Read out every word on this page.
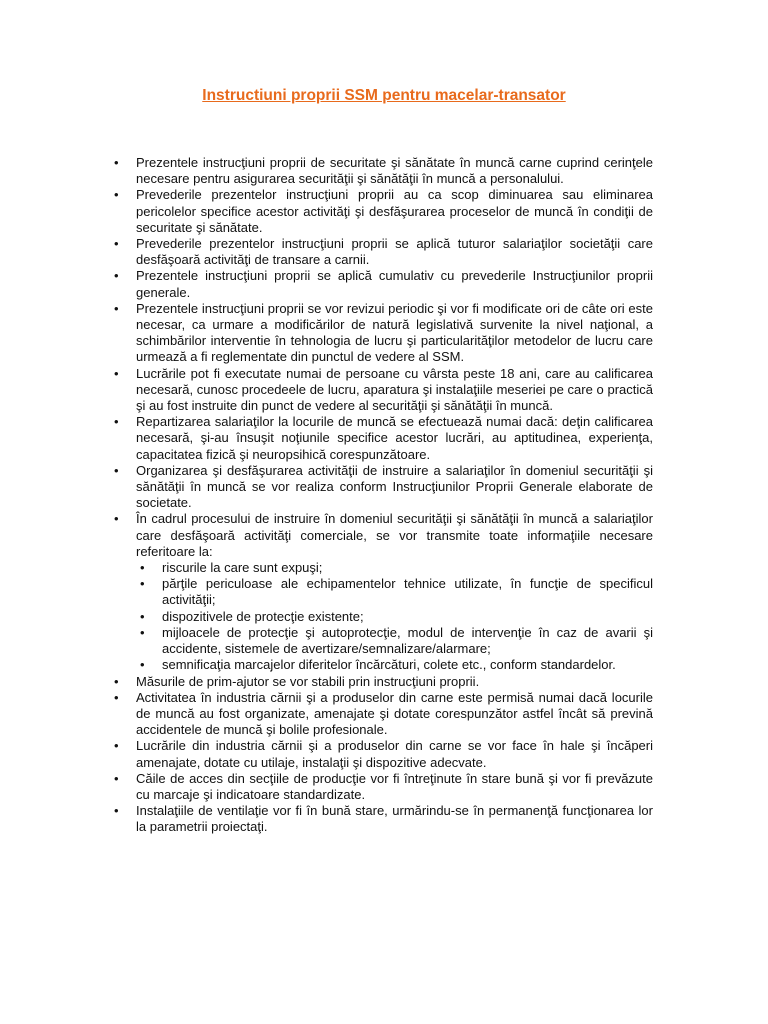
Instructiuni proprii SSM pentru macelar-transator
• Prezentele instrucţiuni proprii de securitate şi sănătate în muncă carne cuprind cerinţele necesare pentru asigurarea securităţii şi sănătăţii în muncă a personalului.
• Prevederile prezentelor instrucţiuni proprii au ca scop diminuarea sau eliminarea pericolelor specifice acestor activităţi şi desfăşurarea proceselor de muncă în condiţii de securitate şi sănătate.
• Prevederile prezentelor instrucţiuni proprii se aplică tuturor salariaţilor societăţii care desfăşoară activităţi de transare a carnii.
• Prezentele instrucţiuni proprii se aplică cumulativ cu prevederile Instrucţiunilor proprii generale.
• Prezentele instrucţiuni proprii se vor revizui periodic şi vor fi modificate ori de câte ori este necesar, ca urmare a modificărilor de natură legislativă survenite la nivel naţional, a schimbărilor interventie în tehnologia de lucru şi particularităţilor metodelor de lucru care urmează a fi reglementate din punctul de vedere al SSM.
• Lucrările pot fi executate numai de persoane cu vârsta peste 18 ani, care au calificarea necesară, cunosc procedeele de lucru, aparatura şi instalaţiile meseriei pe care o practică şi au fost instruite din punct de vedere al securităţii şi sănătăţii în muncă.
• Repartizarea salariaţilor la locurile de muncă se efectuează numai dacă: deţin calificarea necesară, şi-au însuşit noţiunile specifice acestor lucrări, au aptitudinea, experienţa, capacitatea fizică şi neuropsihică corespunzătoare.
• Organizarea şi desfăşurarea activităţii de instruire a salariaţilor în domeniul securităţii şi sănătăţii în muncă se vor realiza conform Instrucţiunilor Proprii Generale elaborate de societate.
• În cadrul procesului de instruire în domeniul securităţii şi sănătăţii în muncă a salariaţilor care desfăşoară activităţi comerciale, se vor transmite toate informaţiile necesare referitoare la:
• riscurile la care sunt expuşi;
• părţile periculoase ale echipamentelor tehnice utilizate, în funcţie de specificul activităţii;
• dispozitivele de protecţie existente;
• mijloacele de protecţie şi autoprotecţie, modul de intervenţie în caz de avarii şi accidente, sistemele de avertizare/semnalizare/alarmare;
• semnificaţia marcajelor diferitelor încărcături, colete etc., conform standardelor.
• Măsurile de prim-ajutor se vor stabili prin instrucţiuni proprii.
• Activitatea în industria cărnii şi a produselor din carne este permisă numai dacă locurile de muncă au fost organizate, amenajate şi dotate corespunzător astfel încât să prevină accidentele de muncă şi bolile profesionale.
• Lucrările din industria cărnii şi a produselor din carne se vor face în hale şi încăperi amenajate, dotate cu utilaje, instalaţii şi dispozitive adecvate.
• Căile de acces din secţiile de producţie vor fi întreţinute în stare bună şi vor fi prevăzute cu marcaje şi indicatoare standardizate.
• Instalaţiile de ventilaţie vor fi în bună stare, urmărindu-se în permanenţă funcţionarea lor la parametrii proiectaţi.
